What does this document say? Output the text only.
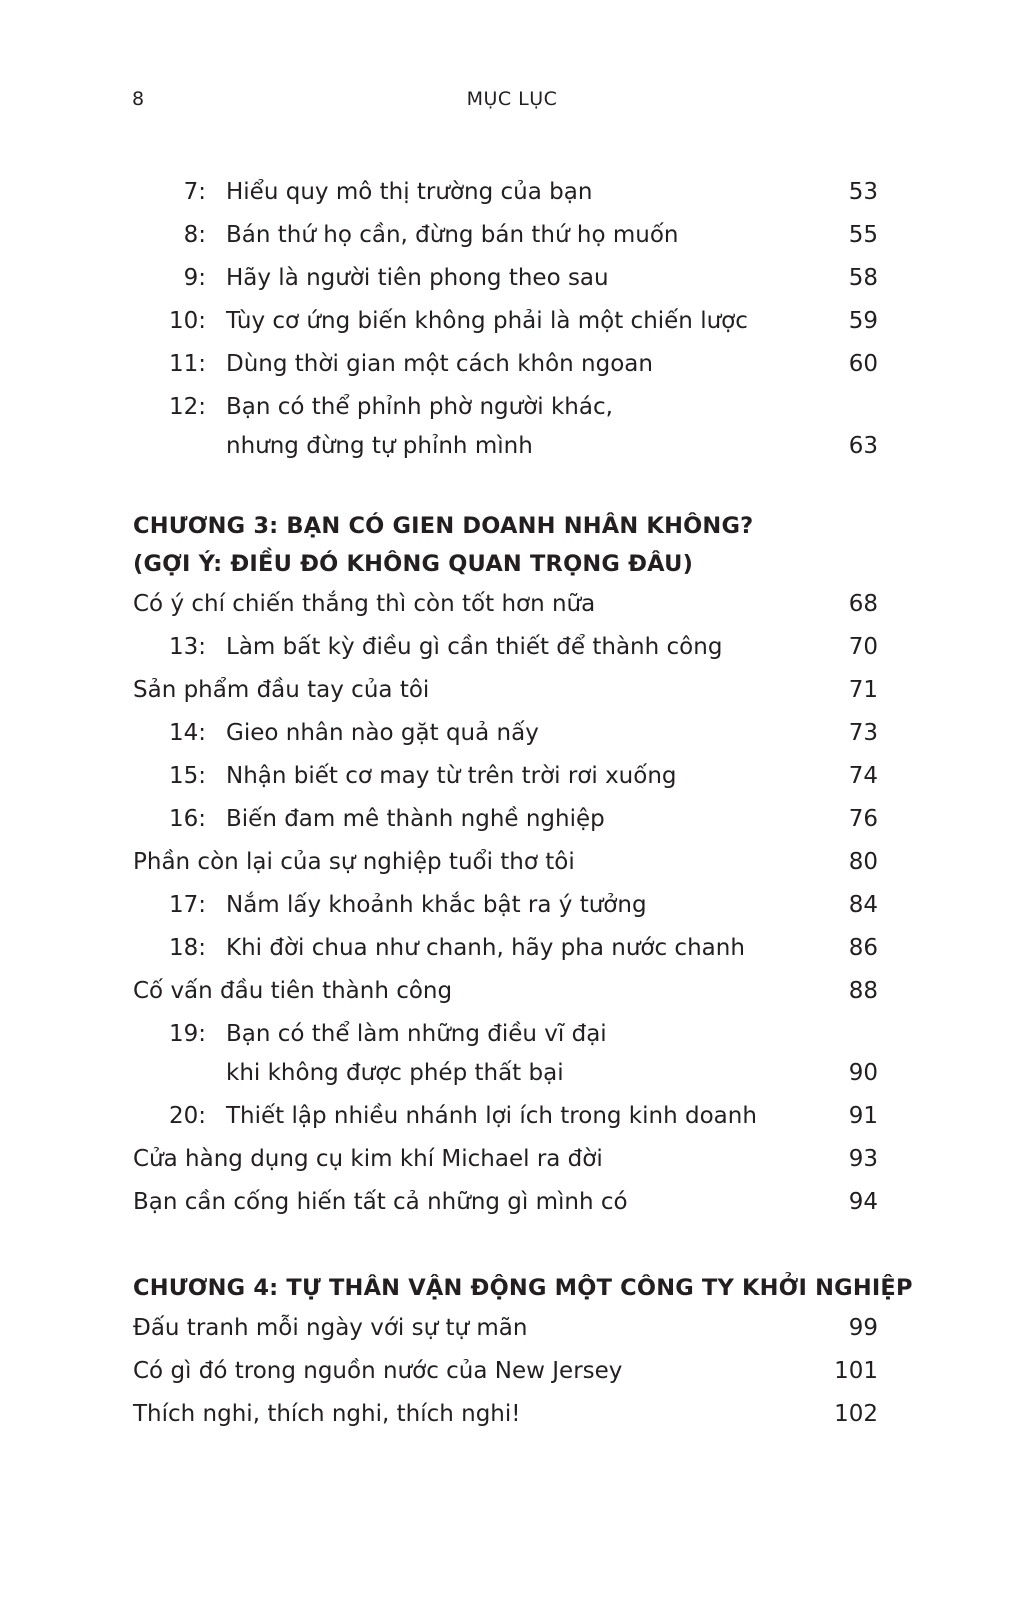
8	MỤC LỤC
7: Hiểu quy mô thị trường của bạn	53
8: Bán thứ họ cần, đừng bán thứ họ muốn	55
9: Hãy là người tiên phong theo sau	58
10: Tùy cơ ứng biến không phải là một chiến lược	59
11: Dùng thời gian một cách khôn ngoan	60
12: Bạn có thể phỉnh phờ người khác,
nhưng đừng tự phỉnh mình	63
CHƯƠNG 3: BẠN CÓ GIEN DOANH NHÂN KHÔNG?
(GỢI Ý: ĐIỀU ĐÓ KHÔNG QUAN TRỌNG ĐÂU)
Có ý chí chiến thắng thì còn tốt hơn nữa	68
13: Làm bất kỳ điều gì cần thiết để thành công	70
Sản phẩm đầu tay của tôi	71
14: Gieo nhân nào gặt quả nấy	73
15: Nhận biết cơ may từ trên trời rơi xuống	74
16: Biến đam mê thành nghề nghiệp	76
Phần còn lại của sự nghiệp tuổi thơ tôi	80
17: Nắm lấy khoảnh khắc bật ra ý tưởng	84
18: Khi đời chua như chanh, hãy pha nước chanh	86
Cố vấn đầu tiên thành công	88
19: Bạn có thể làm những điều vĩ đại
khi không được phép thất bại	90
20: Thiết lập nhiều nhánh lợi ích trong kinh doanh	91
Cửa hàng dụng cụ kim khí Michael ra đời	93
Bạn cần cống hiến tất cả những gì mình có	94
CHƯƠNG 4: TỰ THÂN VẬN ĐỘNG MỘT CÔNG TY KHỞI NGHIỆP
Đấu tranh mỗi ngày với sự tự mãn	99
Có gì đó trong nguồn nước của New Jersey	101
Thích nghi, thích nghi, thích nghi!	102
